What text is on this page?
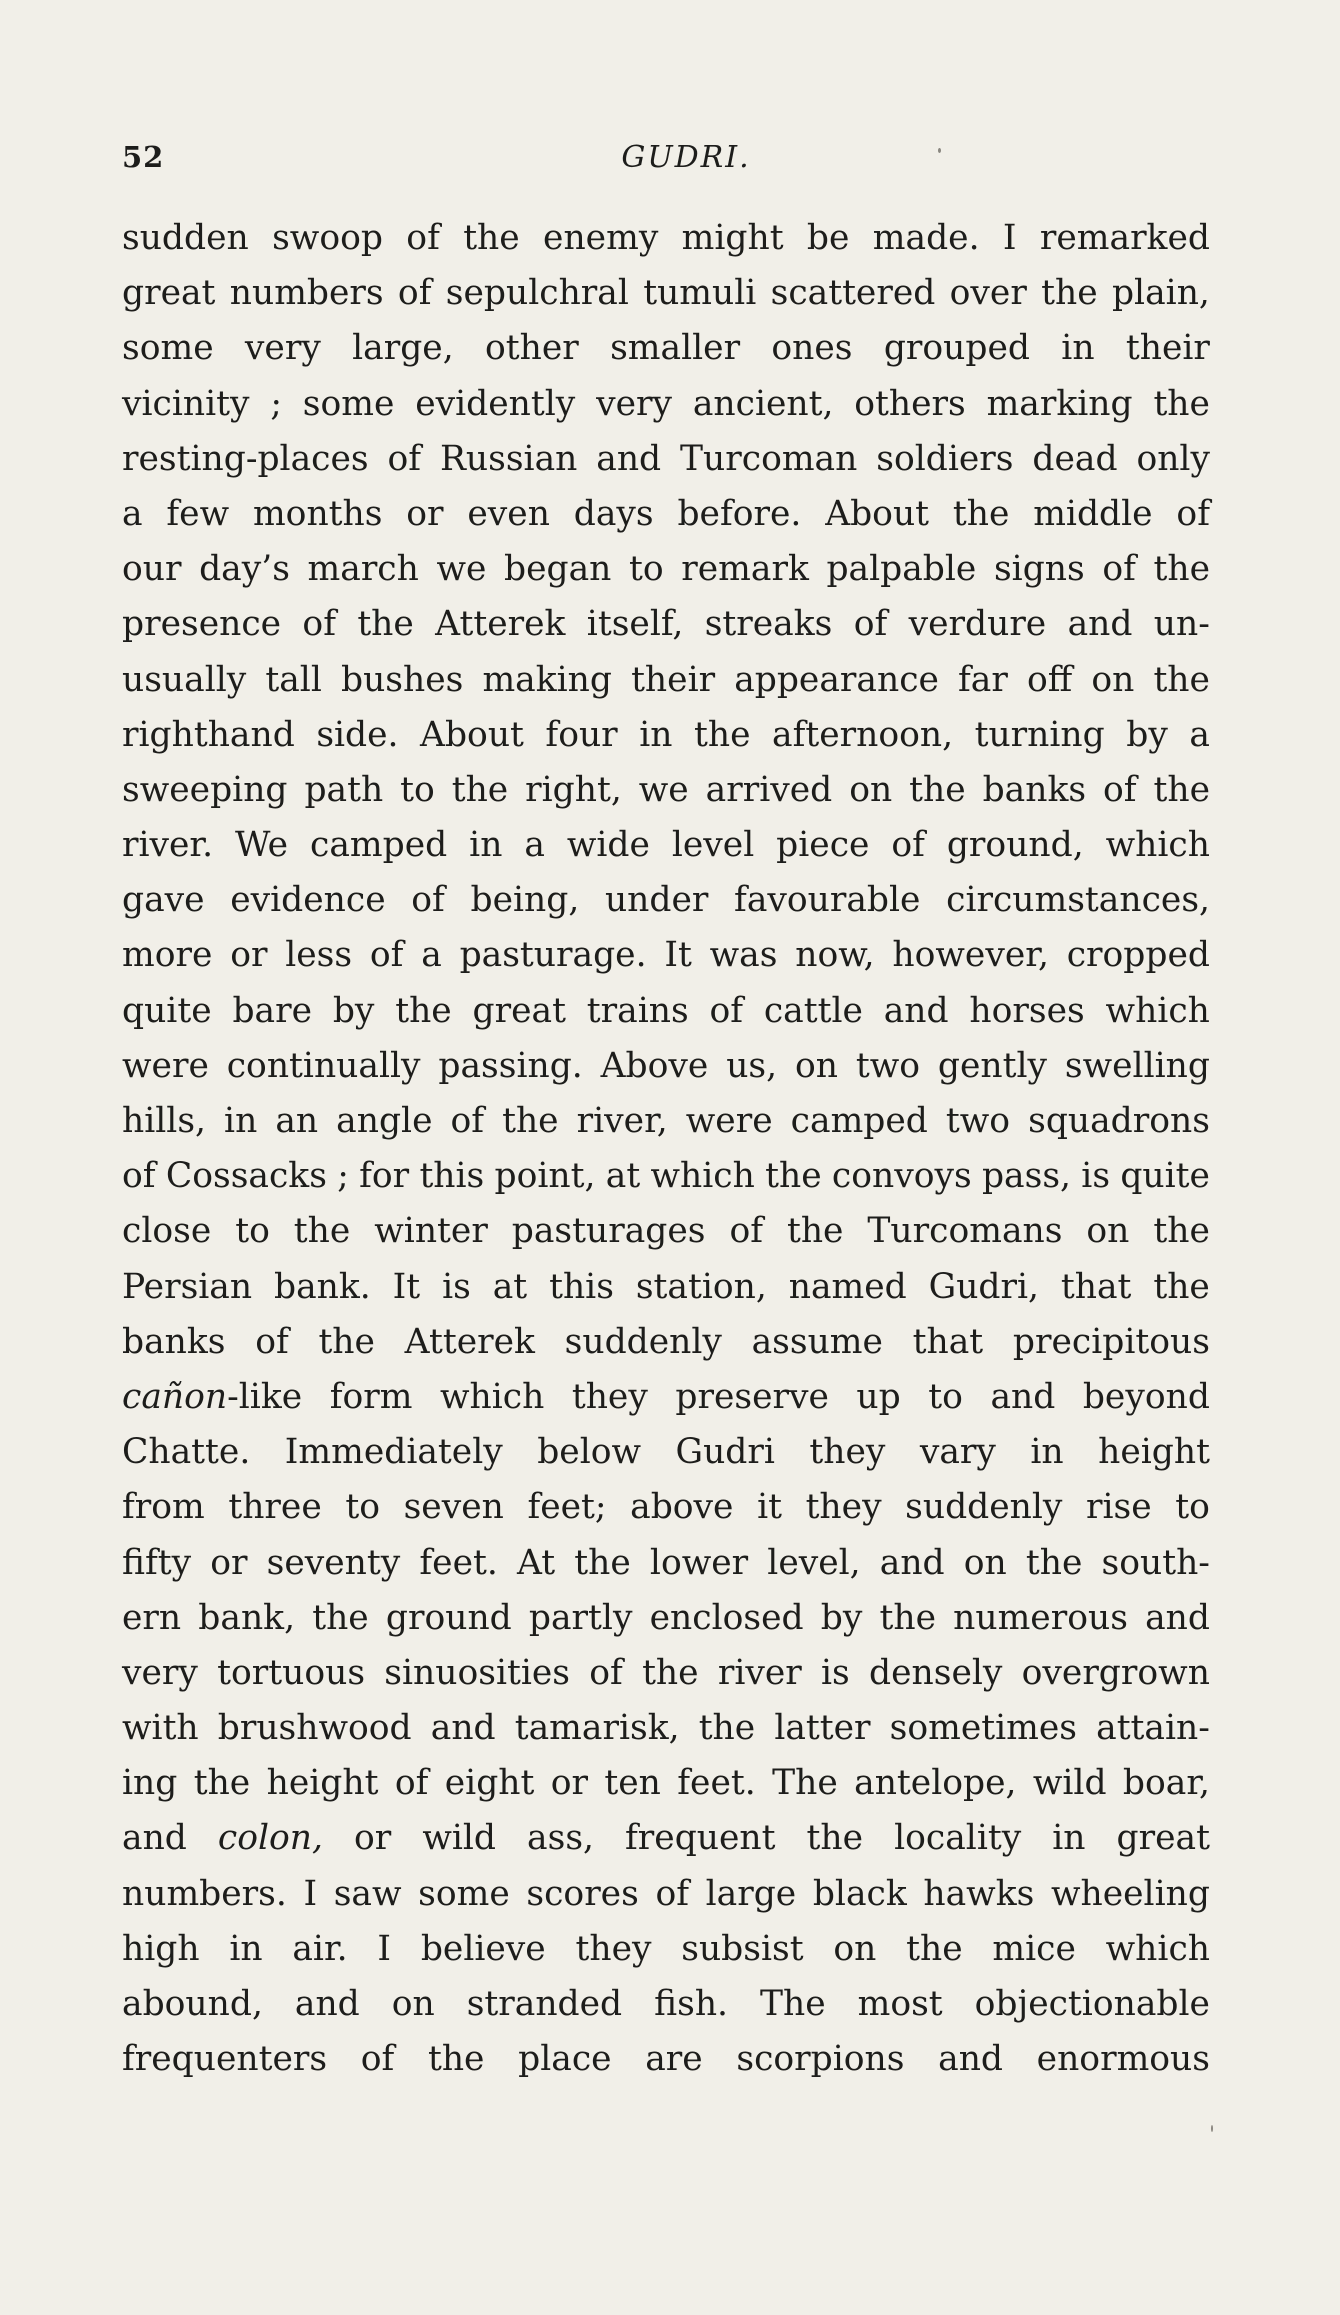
52	GUDRI.
sudden swoop of the enemy might be made. I remarked
great numbers of sepulchral tumuli scattered over the plain,
some very large, other smaller ones grouped in their
vicinity ; some evidently very ancient, others marking the
resting-places of Russian and Turcoman soldiers dead only
a few months or even days before. About the middle of
our day’s march we began to remark palpable signs of the
presence of the Atterek itself, streaks of verdure and un-
usually tall bushes making their appearance far off on the
righthand side. About four in the afternoon, turning by a
sweeping path to the right, we arrived on the banks of the
river. We camped in a wide level piece of ground, which
gave evidence of being, under favourable circumstances,
more or less of a pasturage. It was now, however, cropped
quite bare by the great trains of cattle and horses which
were continually passing. Above us, on two gently swelling
hills, in an angle of the river, were camped two squadrons
of Cossacks ; for this point, at which the convoys pass, is quite
close to the winter pasturages of the Turcomans on the
Persian bank. It is at this station, named Gudri, that the
banks of the Atterek suddenly assume that precipitous
cañon-like form which they preserve up to and beyond
Chatte. Immediately below Gudri they vary in height
from three to seven feet; above it they suddenly rise to
fifty or seventy feet. At the lower level, and on the south-
ern bank, the ground partly enclosed by the numerous and
very tortuous sinuosities of the river is densely overgrown
with brushwood and tamarisk, the latter sometimes attain-
ing the height of eight or ten feet. The antelope, wild boar,
and colon, or wild ass, frequent the locality in great
numbers. I saw some scores of large black hawks wheeling
high in air. I believe they subsist on the mice which
abound, and on stranded fish. The most objectionable
frequenters of the place are scorpions and enormous
